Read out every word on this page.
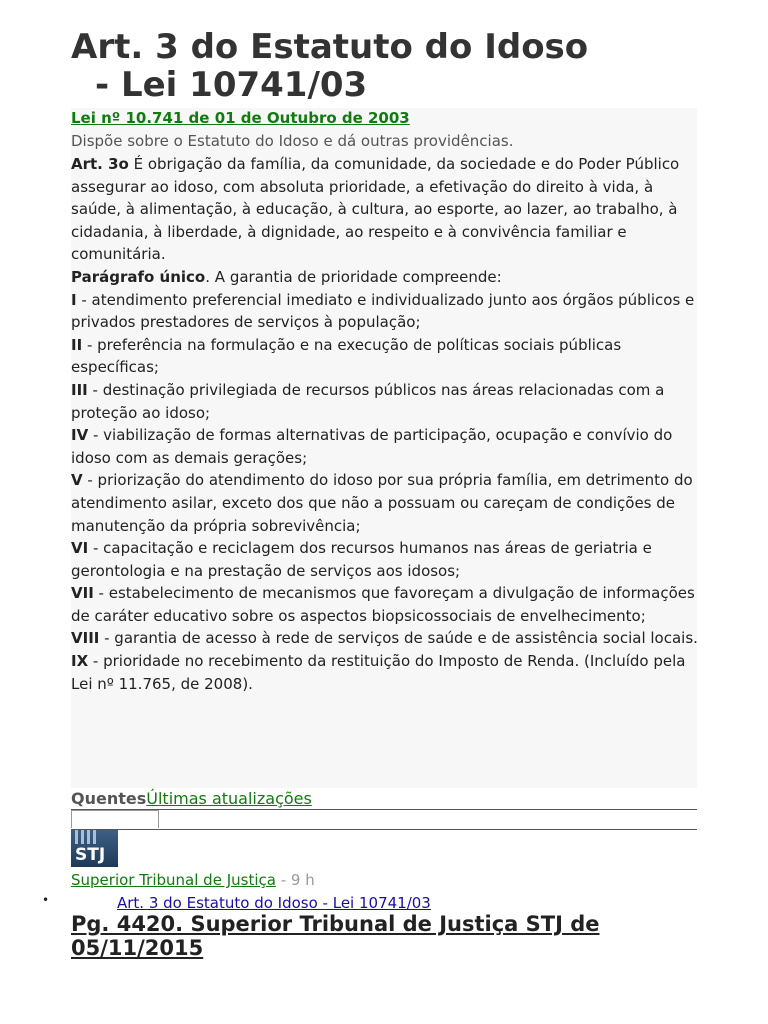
Art. 3 do Estatuto do Idoso
- Lei 10741/03
Lei nº 10.741 de 01 de Outubro de 2003
Dispõe sobre o Estatuto do Idoso e dá outras providências.

Art. 3o É obrigação da família, da comunidade, da sociedade e do Poder Público assegurar ao idoso, com absoluta prioridade, a efetivação do direito à vida, à saúde, à alimentação, à educação, à cultura, ao esporte, ao lazer, ao trabalho, à cidadania, à liberdade, à dignidade, ao respeito e à convivência familiar e comunitária.

Parágrafo único. A garantia de prioridade compreende:

I - atendimento preferencial imediato e individualizado junto aos órgãos públicos e privados prestadores de serviços à população;

II - preferência na formulação e na execução de políticas sociais públicas específicas;

III - destinação privilegiada de recursos públicos nas áreas relacionadas com a proteção ao idoso;

IV - viabilização de formas alternativas de participação, ocupação e convívio do idoso com as demais gerações;

V - priorização do atendimento do idoso por sua própria família, em detrimento do atendimento asilar, exceto dos que não a possuam ou careçam de condições de manutenção da própria sobrevivência;

VI - capacitação e reciclagem dos recursos humanos nas áreas de geriatria e gerontologia e na prestação de serviços aos idosos;

VII - estabelecimento de mecanismos que favoreçam a divulgação de informações de caráter educativo sobre os aspectos biopsicossociais de envelhecimento;

VIII - garantia de acesso à rede de serviços de saúde e de assistência social locais.

IX - prioridade no recebimento da restituição do Imposto de Renda. (Incluído pela Lei nº 11.765, de 2008).

QuentesÚltimas atualizações
STJ
Superior Tribunal de Justiça - 9 h
•	Art. 3 do Estatuto do Idoso - Lei 10741/03
Pg. 4420. Superior Tribunal de Justiça STJ de 05/11/2015
